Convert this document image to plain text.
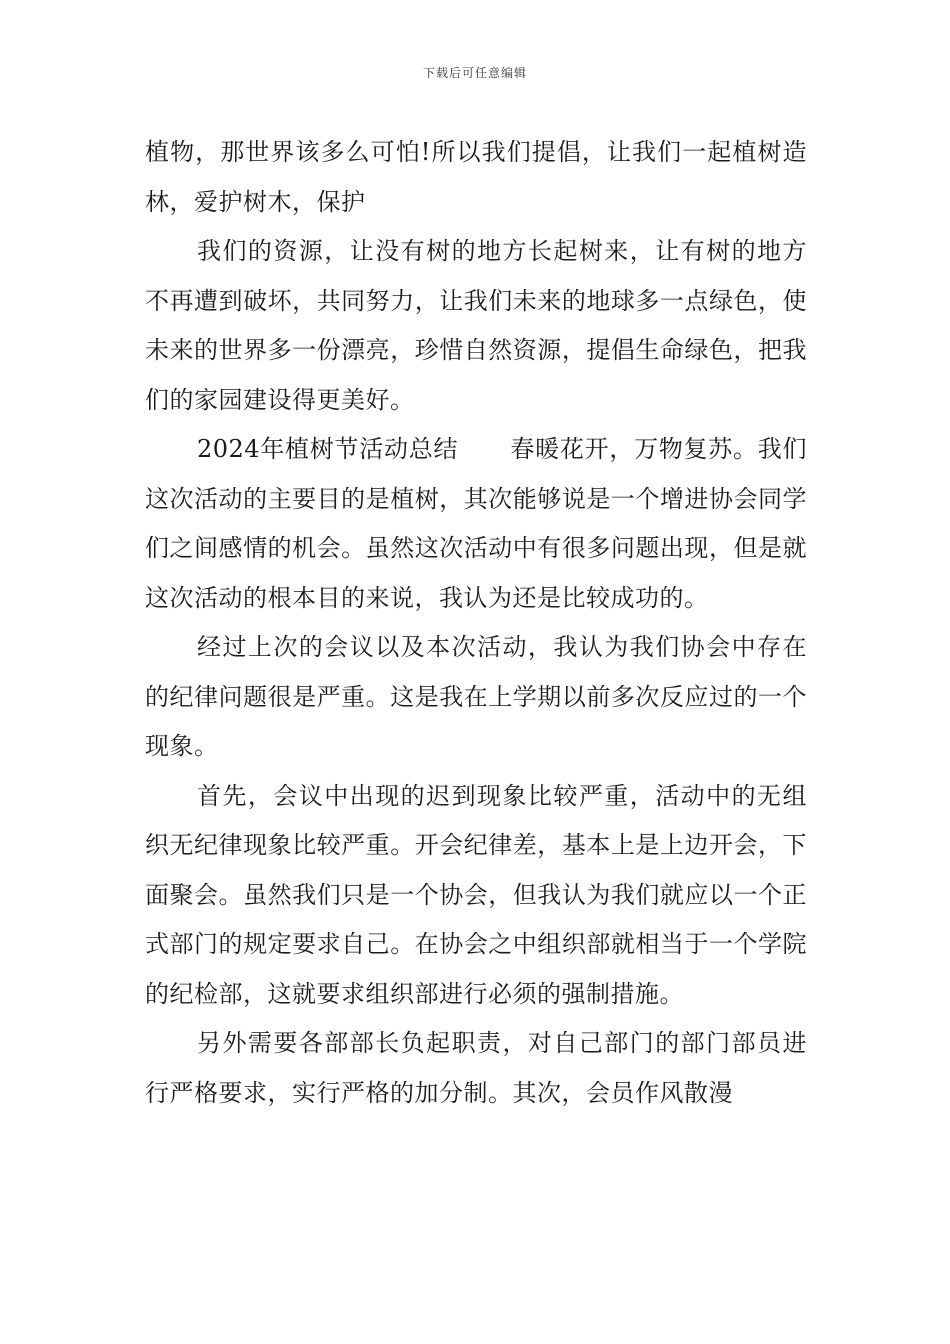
下载后可任意编辑

植物，那世界该多么可怕!所以我们提倡，让我们一起植树造林，爱护树木，保护

我们的资源，让没有树的地方长起树来，让有树的地方不再遭到破坏，共同努力，让我们未来的地球多一点绿色，使未来的世界多一份漂亮，珍惜自然资源，提倡生命绿色，把我们的家园建设得更美好。

2024年植树节活动总结 春暖花开，万物复苏。我们这次活动的主要目的是植树，其次能够说是一个增进协会同学们之间感情的机会。虽然这次活动中有很多问题出现，但是就这次活动的根本目的来说，我认为还是比较成功的。

经过上次的会议以及本次活动，我认为我们协会中存在的纪律问题很是严重。这是我在上学期以前多次反应过的一个现象。

首先，会议中出现的迟到现象比较严重，活动中的无组织无纪律现象比较严重。开会纪律差，基本上是上边开会，下面聚会。虽然我们只是一个协会，但我认为我们就应以一个正式部门的规定要求自己。在协会之中组织部就相当于一个学院的纪检部，这就要求组织部进行必须的强制措施。

另外需要各部部长负起职责，对自己部门的部门部员进行严格要求，实行严格的加分制。其次，会员作风散漫
